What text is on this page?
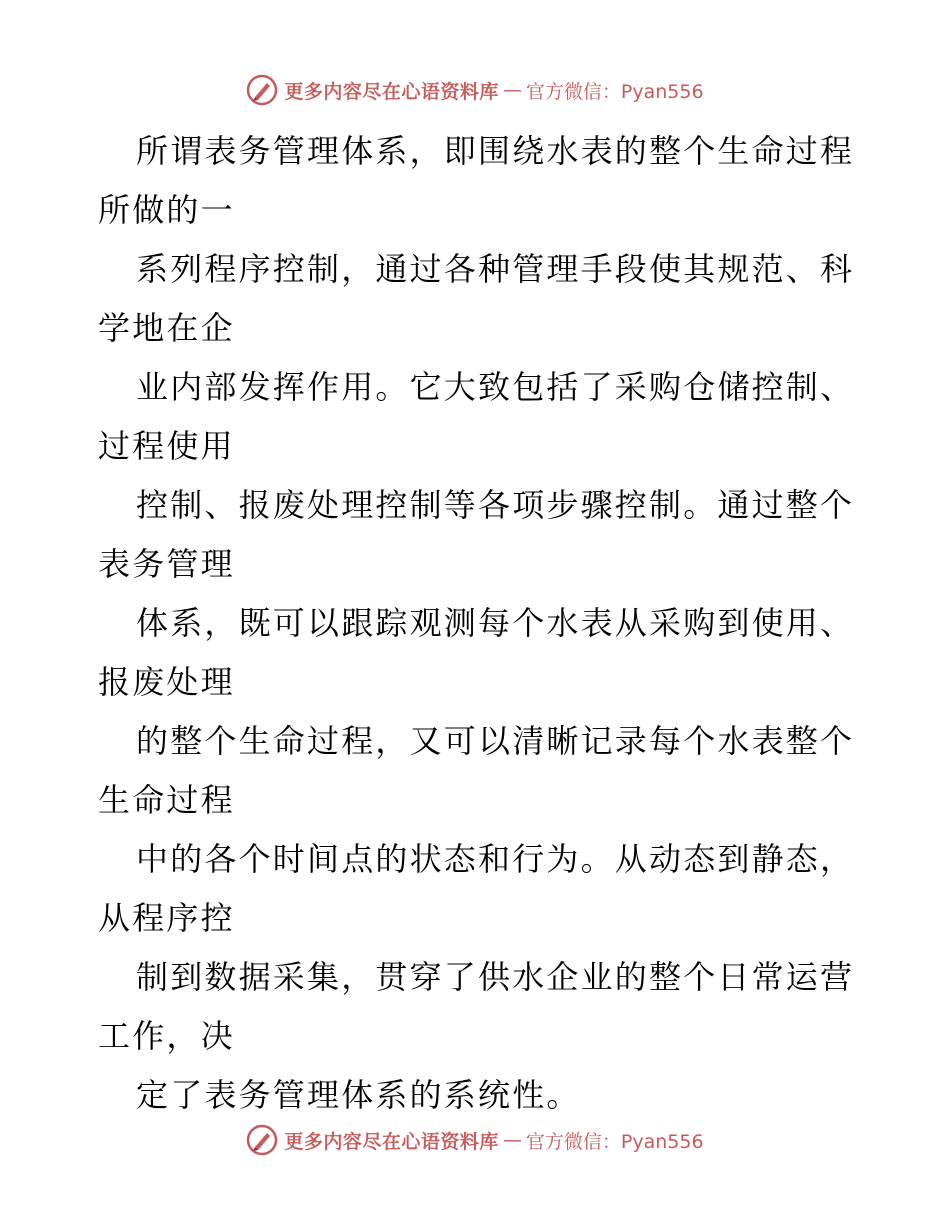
更多内容尽在心语资料库 — 官方微信：Pyan556
所谓表务管理体系，即围绕水表的整个生命过程
所做的一
系列程序控制，通过各种管理手段使其规范、科
学地在企
业内部发挥作用。它大致包括了采购仓储控制、
过程使用
控制、报废处理控制等各项步骤控制。通过整个
表务管理
体系，既可以跟踪观测每个水表从采购到使用、
报废处理
的整个生命过程，又可以清晰记录每个水表整个
生命过程
中的各个时间点的状态和行为。从动态到静态，
从程序控
制到数据采集，贯穿了供水企业的整个日常运营
工作，决
定了表务管理体系的系统性。
更多内容尽在心语资料库 — 官方微信：Pyan556
